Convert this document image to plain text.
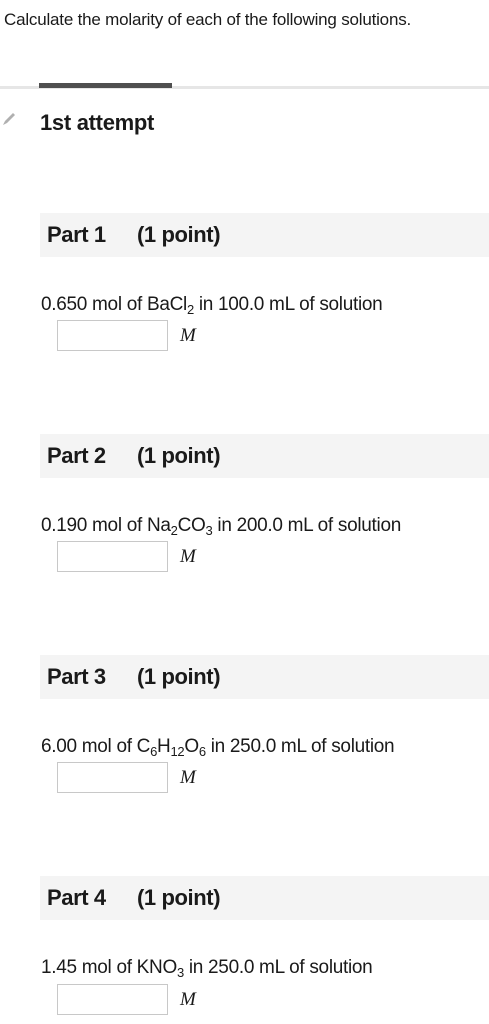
Calculate the molarity of each of the following solutions.
1st attempt
Part 1 (1 point)
0.650 mol of BaCl$_2$ in 100.0 mL of solution
M
Part 2 (1 point)
0.190 mol of $Na_2CO_3$ in 200.0 mL of solution
M
Part 3 (1 point)
6.00 mol of $C_6H_{12}O_6$ in 250.0 mL of solution
M
Part 4 (1 point)
1.45 mol of $KNO_3$ in 250.0 mL of solution
M
